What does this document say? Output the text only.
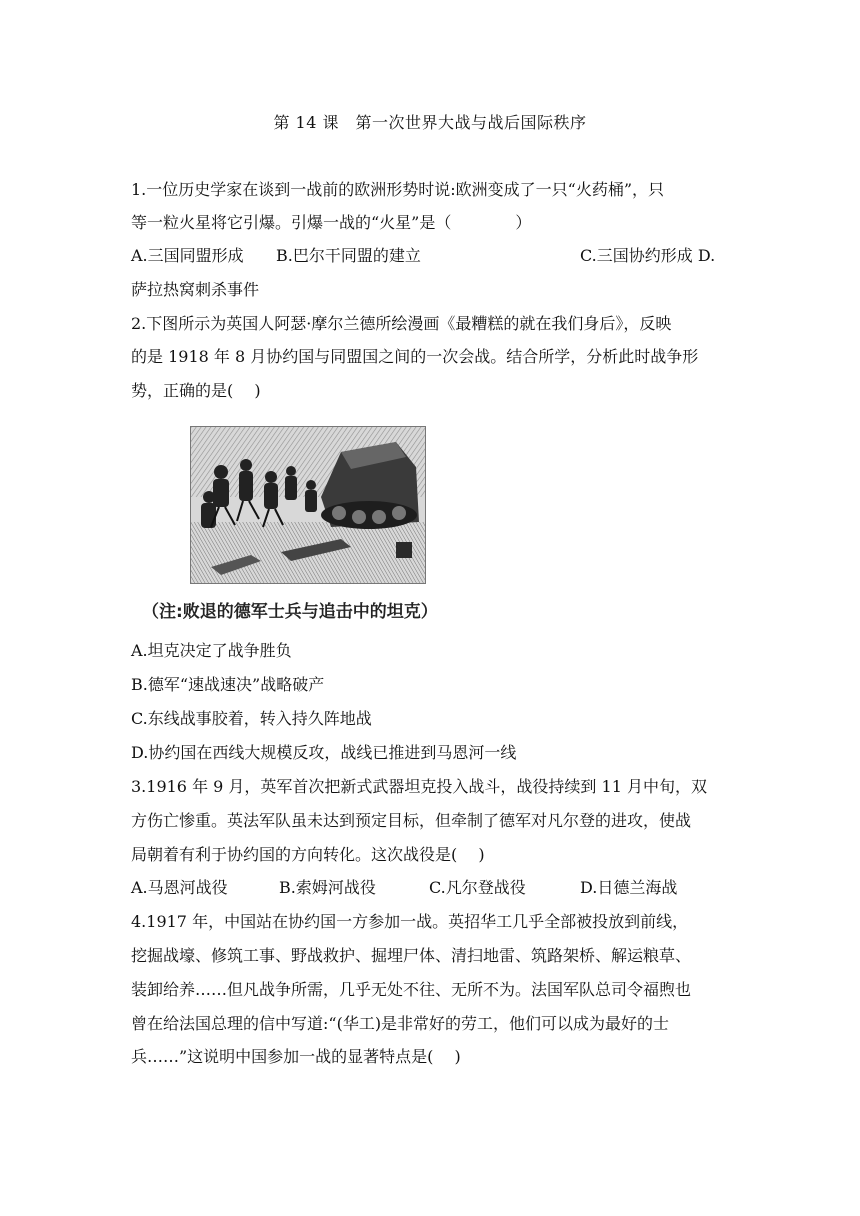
第 14 课　第一次世界大战与战后国际秩序
1.一位历史学家在谈到一战前的欧洲形势时说:欧洲变成了一只“火药桶”，只
等一粒火星将它引爆。引爆一战的“火星”是（　　　　）
A.三国同盟形成 B.巴尔干同盟的建立	C.三国协约形成 D.
萨拉热窝刺杀事件
2.下图所示为英国人阿瑟·摩尔兰德所绘漫画《最糟糕的就在我们身后》，反映
的是 1918 年 8 月协约国与同盟国之间的一次会战。结合所学，分析此时战争形
势，正确的是(　 )
（注:败退的德军士兵与追击中的坦克）
A.坦克决定了战争胜负
B.德军“速战速决”战略破产
C.东线战事胶着，转入持久阵地战
D.协约国在西线大规模反攻，战线已推进到马恩河一线
3.1916 年 9 月，英军首次把新式武器坦克投入战斗，战役持续到 11 月中旬，双
方伤亡惨重。英法军队虽未达到预定目标，但牵制了德军对凡尔登的进攻，使战
局朝着有利于协约国的方向转化。这次战役是(　 )
A.马恩河战役	B.索姆河战役	C.凡尔登战役	D.日德兰海战
4.1917 年，中国站在协约国一方参加一战。英招华工几乎全部被投放到前线，
挖掘战壕、修筑工事、野战救护、掘埋尸体、清扫地雷、筑路架桥、解运粮草、
装卸给养……但凡战争所需，几乎无处不往、无所不为。法国军队总司令福煦也
曾在给法国总理的信中写道:“(华工)是非常好的劳工，他们可以成为最好的士
兵……”这说明中国参加一战的显著特点是(　 )
